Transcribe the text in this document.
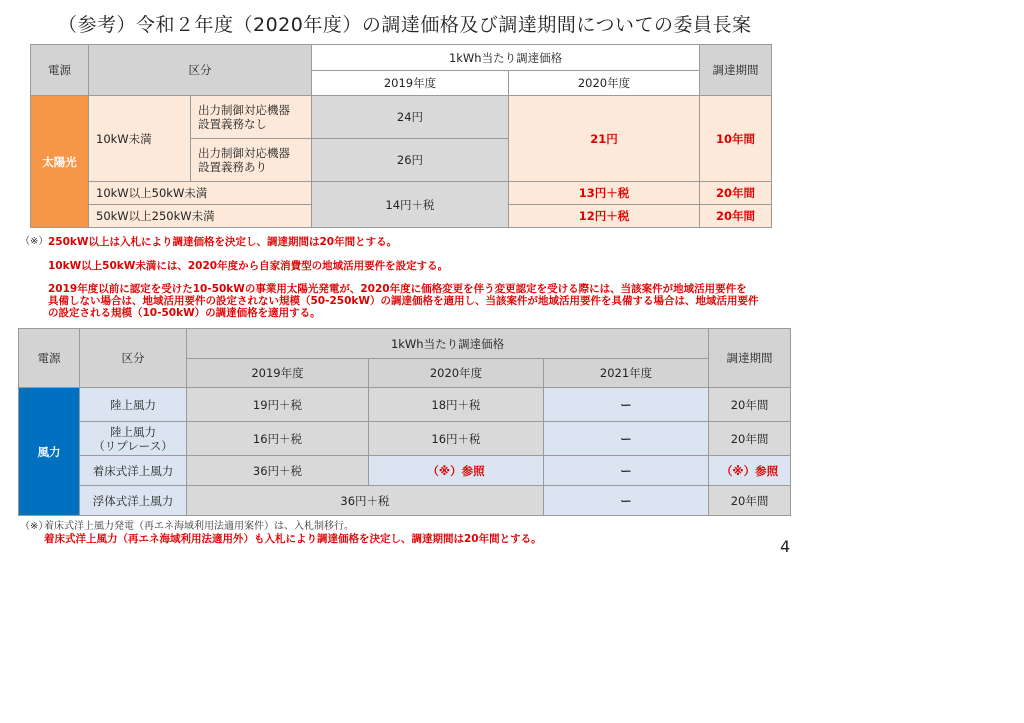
（参考）令和２年度（2020年度）の調達価格及び調達期間についての委員長案
電源	区分		1kWh当たり調達価格		調達期間
			2019年度	2020年度	
太陽光	10kW未満	出力制御対応機器
設置義務なし	24円	21円	10年間
		出力制御対応機器
設置義務あり	26円		
	10kW以上50kW未満		14円＋税	13円＋税	20年間
	50kW以上250kW未満			12円＋税	20年間
（※） 250kW以上は入札により調達価格を決定し、調達期間は20年間とする。
10kW以上50kW未満には、2020年度から自家消費型の地域活用要件を設定する。
2019年度以前に認定を受けた10-50kWの事業用太陽光発電が、2020年度に価格変更を伴う変更認定を受ける際には、当該案件が地域活用要件を
具備しない場合は、地域活用要件の設定されない規模（50-250kW）の調達価格を適用し、当該案件が地域活用要件を具備する場合は、地域活用要件
の設定される規模（10-50kW）の調達価格を適用する。
電源	区分	1kWh当たり調達価格			調達期間
		2019年度	2020年度	2021年度	
風力	陸上風力	19円＋税	18円＋税	ー	20年間
	陸上風力
（リプレース）	16円＋税	16円＋税	ー	20年間
	着床式洋上風力	36円＋税	（※）参照	ー	（※）参照
	浮体式洋上風力	36円＋税		ー	20年間
（※）
着床式洋上風力発電（再エネ海域利用法適用案件）は、入札制移行。
着床式洋上風力（再エネ海域利用法適用外）も入札により調達価格を決定し、調達期間は20年間とする。	4
